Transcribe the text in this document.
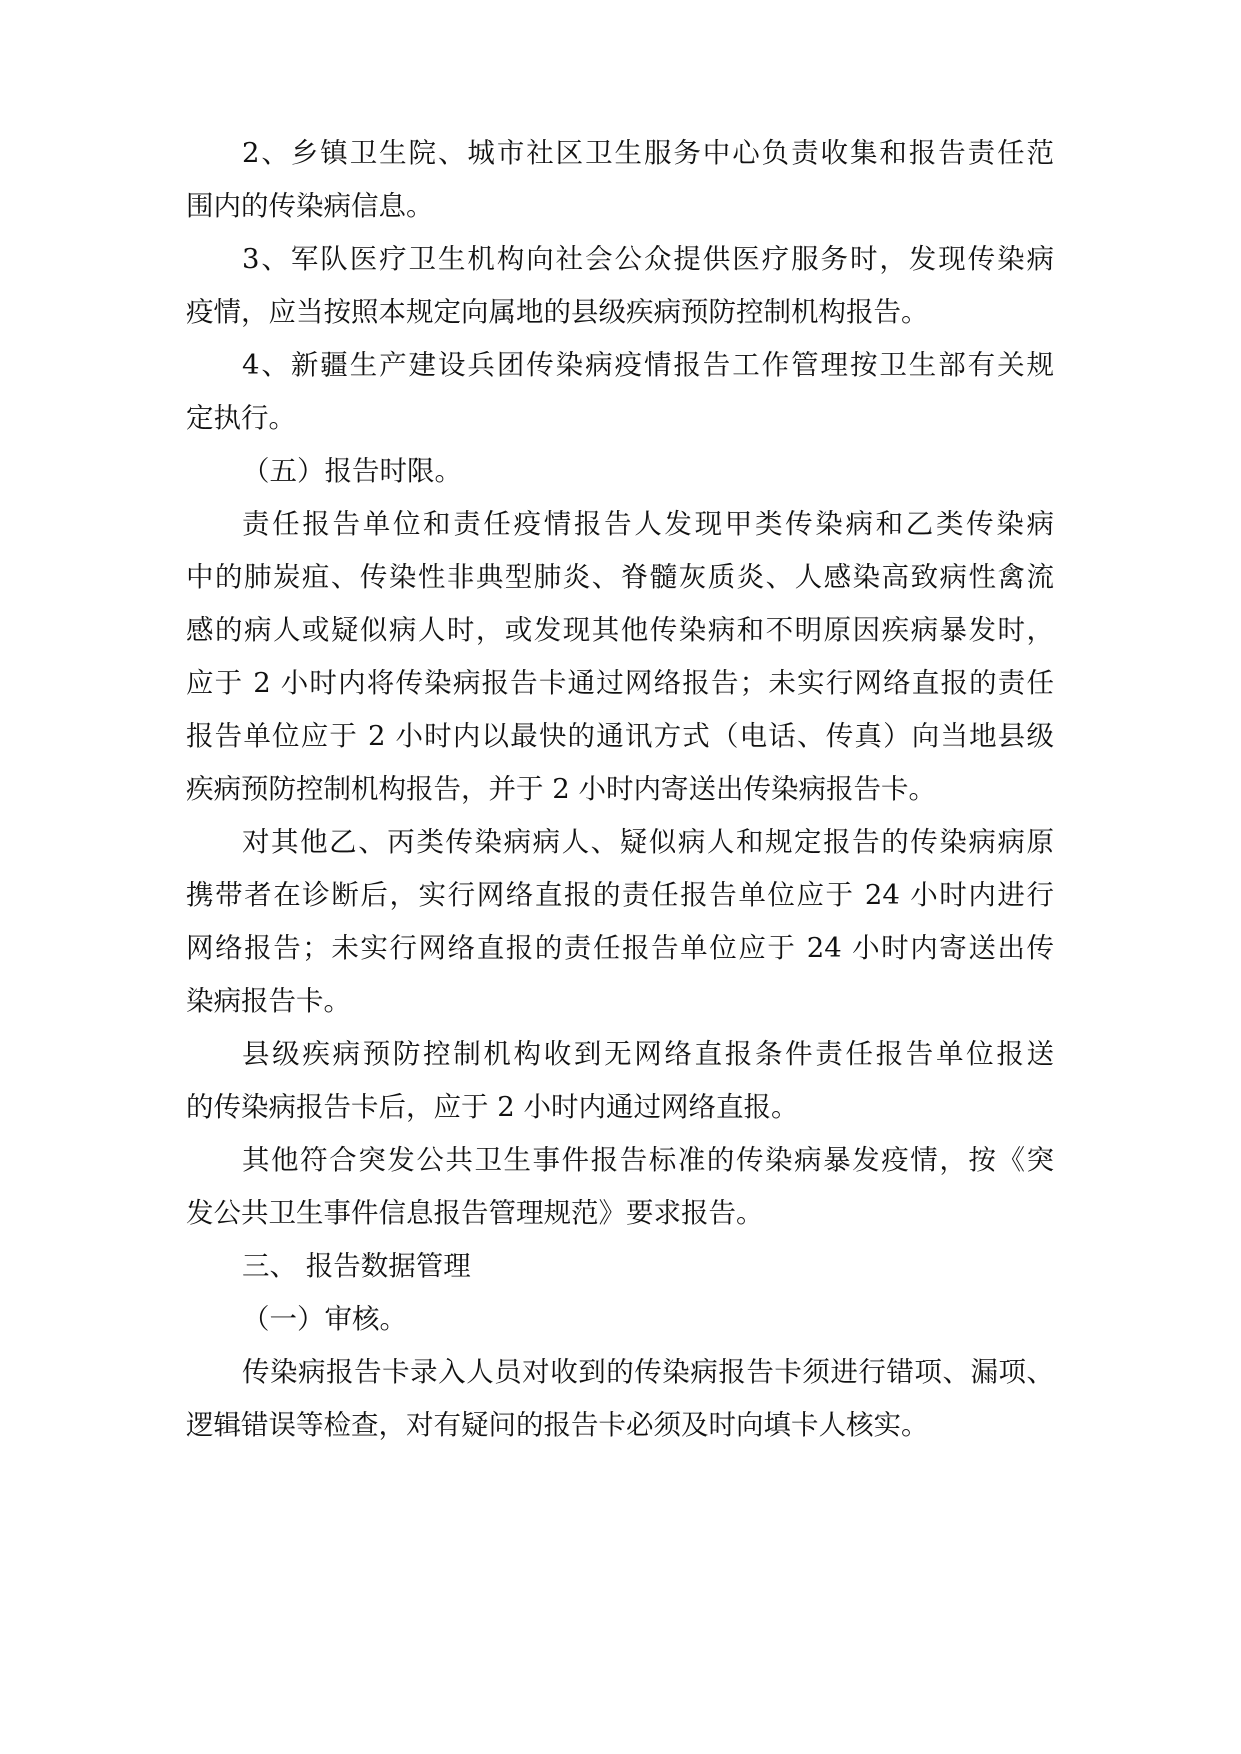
2、乡镇卫生院、城市社区卫生服务中心负责收集和报告责任范
围内的传染病信息。
3、军队医疗卫生机构向社会公众提供医疗服务时，发现传染病
疫情，应当按照本规定向属地的县级疾病预防控制机构报告。
4、新疆生产建设兵团传染病疫情报告工作管理按卫生部有关规
定执行。
（五）报告时限。
责任报告单位和责任疫情报告人发现甲类传染病和乙类传染病
中的肺炭疽、传染性非典型肺炎、脊髓灰质炎、人感染高致病性禽流
感的病人或疑似病人时，或发现其他传染病和不明原因疾病暴发时，
应于 2 小时内将传染病报告卡通过网络报告；未实行网络直报的责任
报告单位应于 2 小时内以最快的通讯方式（电话、传真）向当地县级
疾病预防控制机构报告，并于 2 小时内寄送出传染病报告卡。
对其他乙、丙类传染病病人、疑似病人和规定报告的传染病病原
携带者在诊断后，实行网络直报的责任报告单位应于 24 小时内进行
网络报告；未实行网络直报的责任报告单位应于 24 小时内寄送出传
染病报告卡。
县级疾病预防控制机构收到无网络直报条件责任报告单位报送
的传染病报告卡后，应于 2 小时内通过网络直报。
其他符合突发公共卫生事件报告标准的传染病暴发疫情，按《突
发公共卫生事件信息报告管理规范》要求报告。
三、 报告数据管理
（一）审核。
传染病报告卡录入人员对收到的传染病报告卡须进行错项、漏项、
逻辑错误等检查，对有疑问的报告卡必须及时向填卡人核实。
